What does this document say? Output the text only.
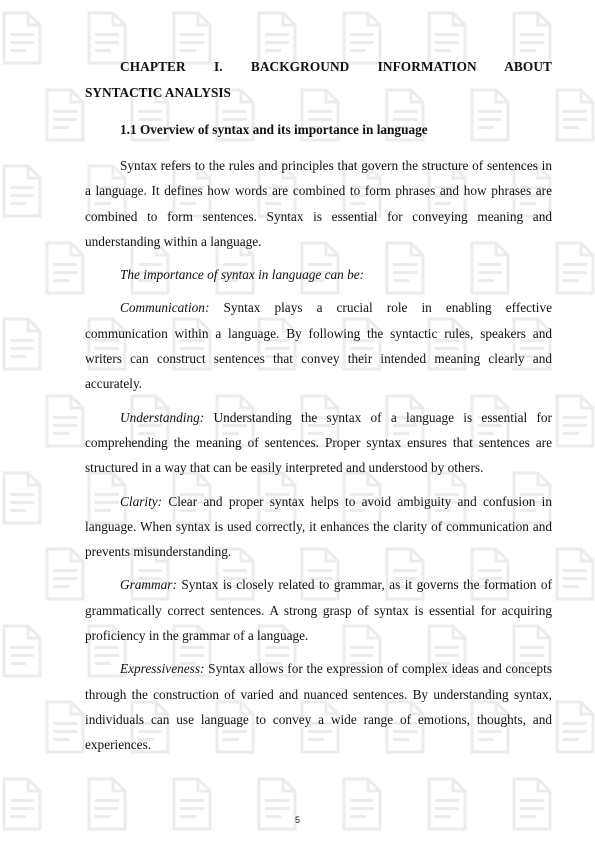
CHAPTER I. BACKGROUND INFORMATION ABOUT

SYNTACTIC ANALYSIS

1.1 Overview of syntax and its importance in language

Syntax refers to the rules and principles that govern the structure of sentences in a language. It defines how words are combined to form phrases and how phrases are combined to form sentences. Syntax is essential for conveying meaning and understanding within a language.

The importance of syntax in language can be:

Communication: Syntax plays a crucial role in enabling effective communication within a language. By following the syntactic rules, speakers and writers can construct sentences that convey their intended meaning clearly and accurately.

Understanding: Understanding the syntax of a language is essential for comprehending the meaning of sentences. Proper syntax ensures that sentences are structured in a way that can be easily interpreted and understood by others.

Clarity: Clear and proper syntax helps to avoid ambiguity and confusion in language. When syntax is used correctly, it enhances the clarity of communication and prevents misunderstanding.

Grammar: Syntax is closely related to grammar, as it governs the formation of grammatically correct sentences. A strong grasp of syntax is essential for acquiring proficiency in the grammar of a language.

Expressiveness: Syntax allows for the expression of complex ideas and concepts through the construction of varied and nuanced sentences. By understanding syntax, individuals can use language to convey a wide range of emotions, thoughts, and experiences.

5
